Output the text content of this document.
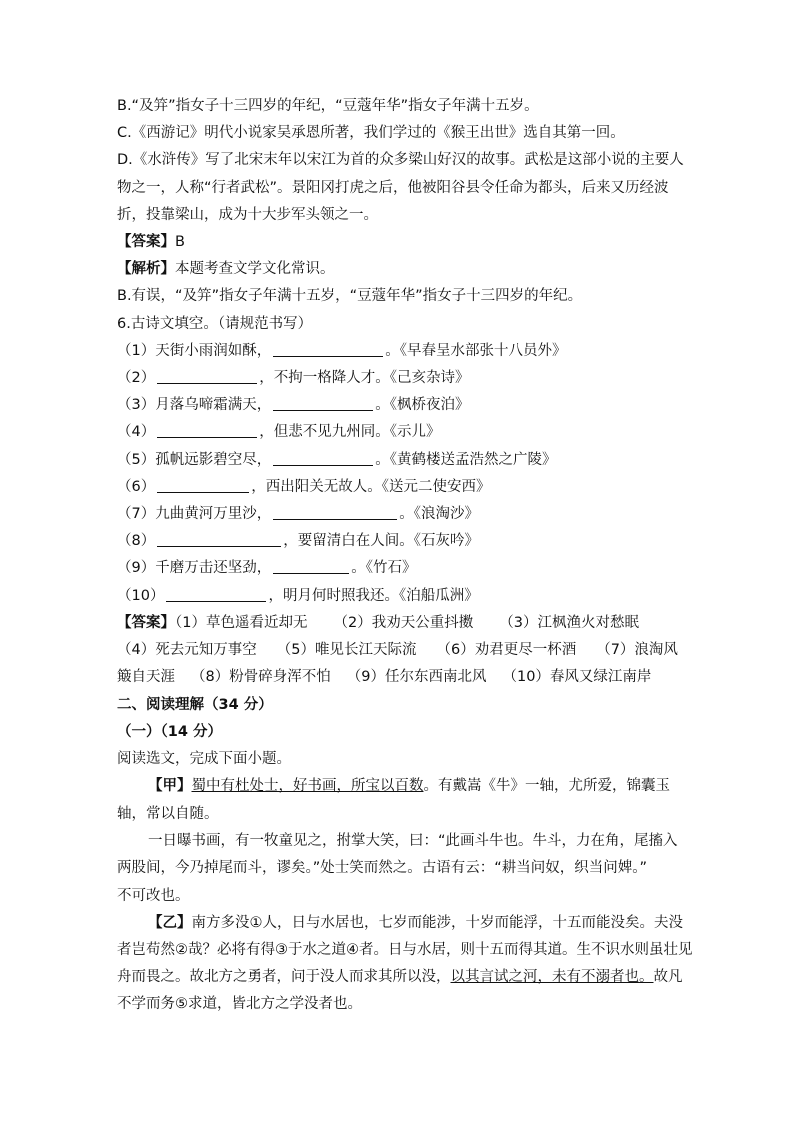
B.“及笄”指女子十三四岁的年纪，“豆蔻年华”指女子年满十五岁。
C.《西游记》明代小说家吴承恩所著，我们学过的《猴王出世》选自其第一回。
D.《水浒传》写了北宋末年以宋江为首的众多梁山好汉的故事。武松是这部小说的主要人
物之一，人称“行者武松”。景阳冈打虎之后，他被阳谷县令任命为都头，后来又历经波
折，投靠梁山，成为十大步军头领之一。
【答案】B
【解析】本题考查文学文化常识。
B.有误，“及笄”指女子年满十五岁，“豆蔻年华”指女子十三四岁的年纪。
6.古诗文填空。（请规范书写）
（1）天街小雨润如酥，	。《早春呈水部张十八员外》
（2）	，不拘一格降人才。《己亥杂诗》
（3）月落乌啼霜满天，	。《枫桥夜泊》
（4）	，但悲不见九州同。《示儿》
（5）孤帆远影碧空尽，	。《黄鹤楼送孟浩然之广陵》
（6）	，西出阳关无故人。《送元二使安西》
（7）九曲黄河万里沙，	。《浪淘沙》
（8）	，要留清白在人间。《石灰吟》
（9）千磨万击还坚劲，	。《竹石》
（10）	，明月何时照我还。《泊船瓜洲》
【答案】（1）草色遥看近却无 （2）我劝天公重抖擞 （3）江枫渔火对愁眠
（4）死去元知万事空 （5）唯见长江天际流 （6）劝君更尽一杯酒 （7）浪淘风
簸自天涯 （8）粉骨碎身浑不怕 （9）任尔东西南北风 （10）春风又绿江南岸
二、阅读理解（34 分）
（一）（14 分）
阅读选文，完成下面小题。
【甲】蜀中有杜处士，好书画，所宝以百数。有戴嵩《牛》一轴，尤所爱，锦囊玉
轴，常以自随。
一日曝书画，有一牧童见之，拊掌大笑，曰：“此画斗牛也。牛斗，力在角，尾搐入
两股间，今乃掉尾而斗，谬矣。”处士笑而然之。古语有云：“耕当问奴，织当问婢。”
不可改也。
【乙】南方多没①人，日与水居也，七岁而能涉，十岁而能浮，十五而能没矣。夫没
者岂苟然②哉？必将有得③于水之道④者。日与水居，则十五而得其道。生不识水则虽壮见
舟而畏之。故北方之勇者，问于没人而求其所以没，以其言试之河，未有不溺者也。故凡
不学而务⑤求道，皆北方之学没者也。
